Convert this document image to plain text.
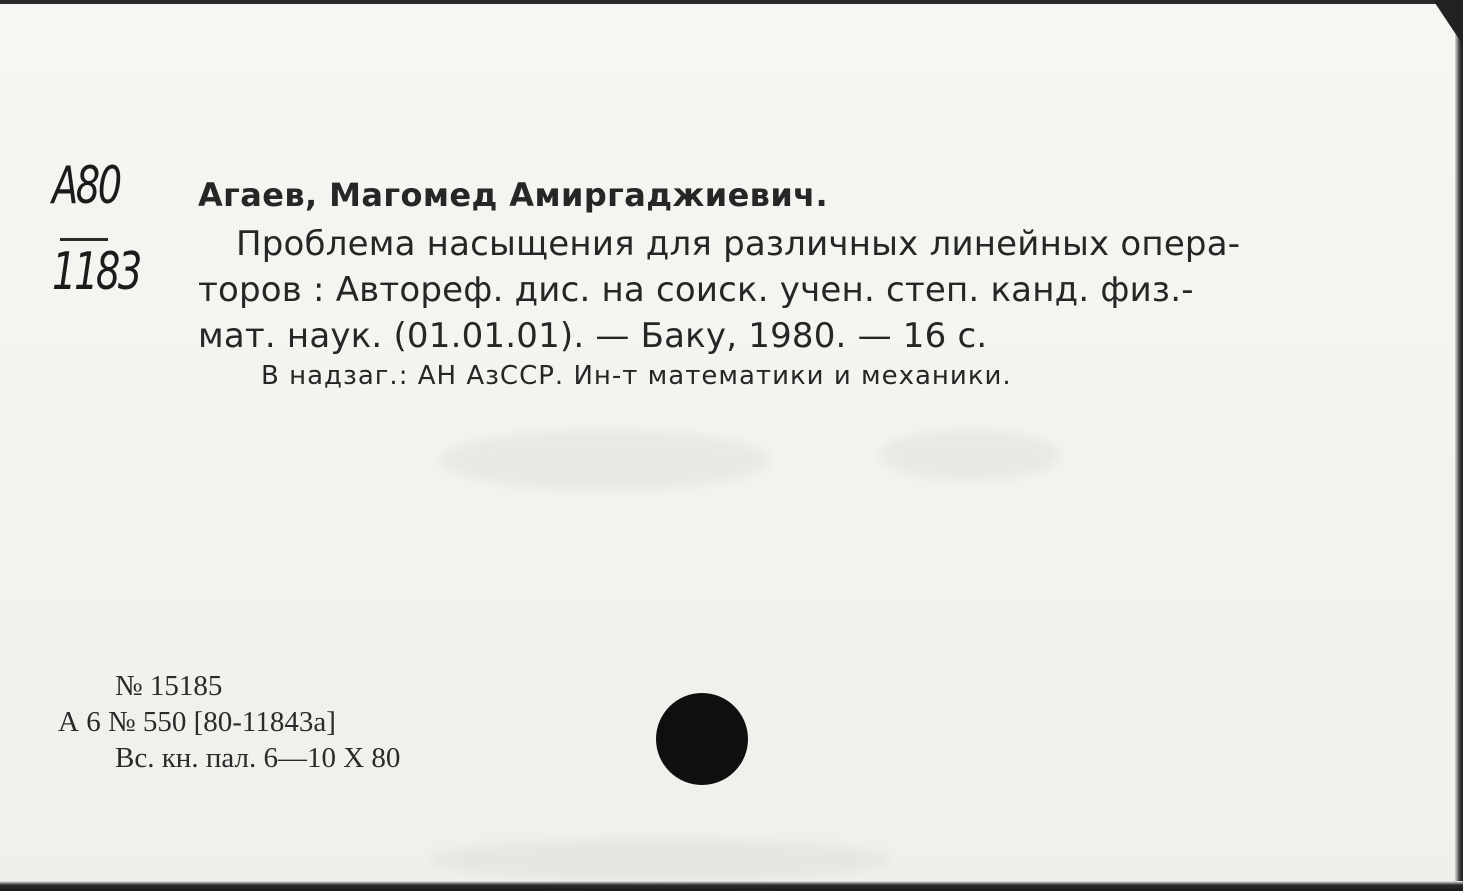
А80
1183
Агаев, Магомед Амиргаджиевич.
Проблема насыщения для различных линейных опера-
торов : Автореф. дис. на соиск. учен. степ. канд. физ.-
мат. наук. (01.01.01). — Баку, 1980. — 16 с.
В надзаг.: АН АзССР. Ин-т математики и механики.
№ 15185
А 6 № 550 [80-11843а]
Вс. кн. пал. 6—10 Х 80
